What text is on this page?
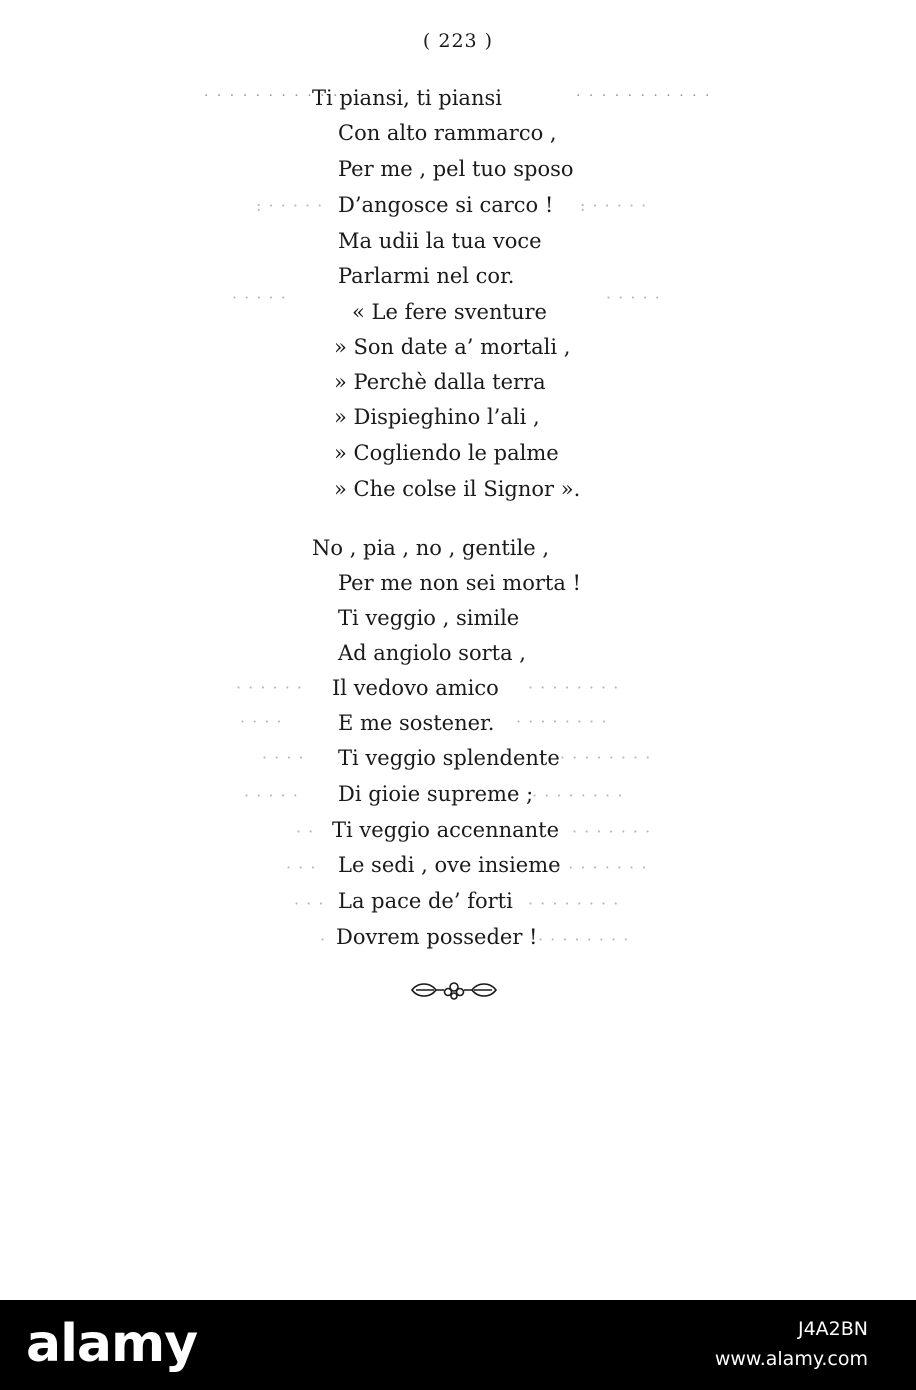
( 223 )
· · · · · · · · · · · ·	· · · · · · · · · · ·
: · · · · ·	: · · · · ·
· · · · ·	· · · · ·
· · · · · ·	· · · · · · · ·
· · · ·	· · · · · · · ·
· · · ·	· · · · · · · ·
· · · · ·	· · · · · · · ·
· ·	· · · · · · ·
· · ·	· · · · · · · ·
· · ·	· · · · · · · ·
·	· · · · · · · ·
Ti piansi, ti piansi
Con alto rammarco ,
Per me , pel tuo sposo
D’angosce si carco !
Ma udii la tua voce
Parlarmi nel cor.
« Le fere sventure
» Son date a’ mortali ,
» Perchè dalla terra
» Dispieghino l’ali ,
» Cogliendo le palme
» Che colse il Signor ».
No , pia , no , gentile ,
Per me non sei morta !
Ti veggio , simile
Ad angiolo sorta ,
Il vedovo amico
E me sostener.
Ti veggio splendente
Di gioie supreme ;
Ti veggio accennante
Le sedi , ove insieme
La pace de’ forti
Dovrem posseder !
alamy	J4A2BN
www.alamy.com
